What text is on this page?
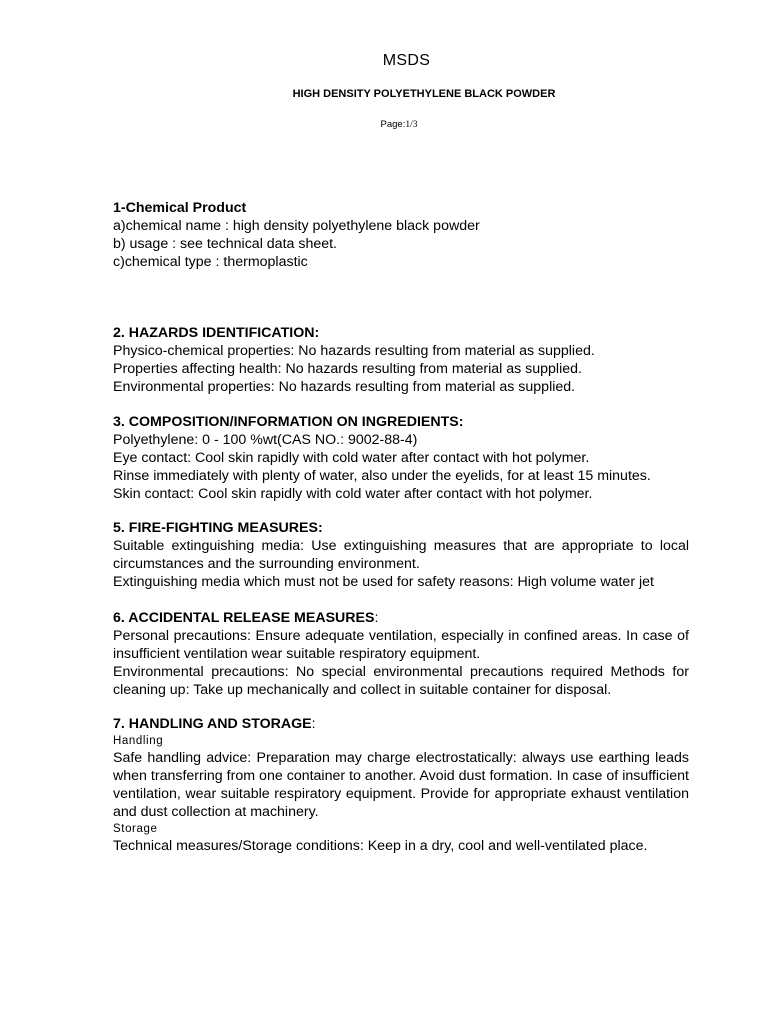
MSDS
HIGH DENSITY POLYETHYLENE BLACK POWDER
Page:1/3

1-Chemical Product

a)chemical name : high density polyethylene black powder

b) usage : see technical data sheet.

c)chemical type : thermoplastic

2. HAZARDS IDENTIFICATION:

Physico-chemical properties: No hazards resulting from material as supplied.

Properties affecting health: No hazards resulting from material as supplied.

Environmental properties: No hazards resulting from material as supplied.

3. COMPOSITION/INFORMATION ON INGREDIENTS:

Polyethylene: 0 - 100 %wt(CAS NO.: 9002-88-4)

Eye contact: Cool skin rapidly with cold water after contact with hot polymer.

Rinse immediately with plenty of water, also under the eyelids, for at least 15 minutes.

Skin contact: Cool skin rapidly with cold water after contact with hot polymer.

5. FIRE-FIGHTING MEASURES:

Suitable extinguishing media: Use extinguishing measures that are appropriate to local circumstances and the surrounding environment.

Extinguishing media which must not be used for safety reasons: High volume water jet

6. ACCIDENTAL RELEASE MEASURES:

Personal precautions: Ensure adequate ventilation, especially in confined areas. In case of insufficient ventilation wear suitable respiratory equipment.

Environmental precautions: No special environmental precautions required Methods for cleaning up: Take up mechanically and collect in suitable container for disposal.

7. HANDLING AND STORAGE:

Handling

Safe handling advice: Preparation may charge electrostatically: always use earthing leads when transferring from one container to another. Avoid dust formation. In case of insufficient ventilation, wear suitable respiratory equipment. Provide for appropriate exhaust ventilation and dust collection at machinery.

Storage

Technical measures/Storage conditions: Keep in a dry, cool and well-ventilated place.
